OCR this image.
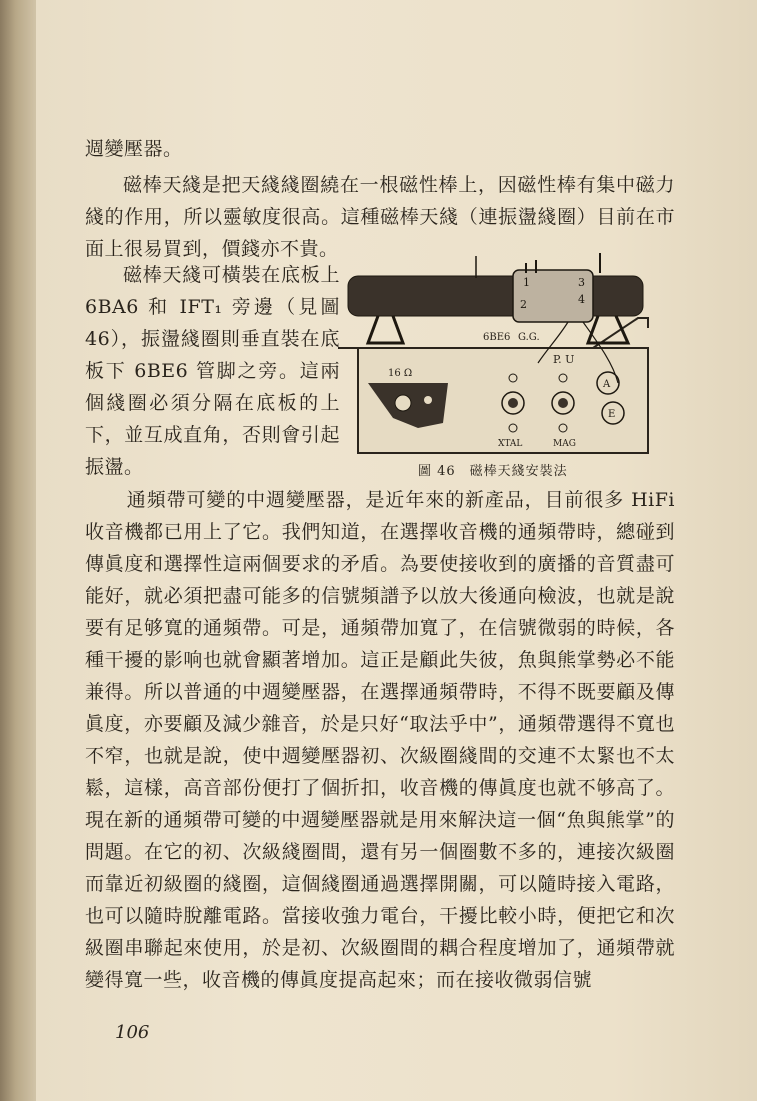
週變壓器。

磁棒天綫是把天綫綫圈繞在一根磁性棒上，因磁性棒有集中磁力綫的作用，所以靈敏度很高。這種磁棒天綫（連振盪綫圈）目前在市面上很易買到，價錢亦不貴。

磁棒天綫可橫裝在底板上 6BA6 和 IFT₁ 旁邊（見圖46），振盪綫圈則垂直裝在底板下 6BE6 管脚之旁。這兩個綫圈必須分隔在底板的上下，並互成直角，否則會引起振盪。

1
2
3
4
6BE6 G.G.
16 Ω
P. U
A
E
XTAL	MAG
圖 46　磁棒天綫安裝法

通頻帶可變的中週變壓器，是近年來的新產品，目前很多 HiFi 收音機都已用上了它。我們知道，在選擇收音機的通頻帶時，總碰到傳眞度和選擇性這兩個要求的矛盾。為要使接收到的廣播的音質盡可能好，就必須把盡可能多的信號頻譜予以放大後通向檢波，也就是說要有足够寬的通頻帶。可是，通頻帶加寬了，在信號微弱的時候，各種干擾的影响也就會顯著增加。這正是顧此失彼，魚與熊掌勢必不能兼得。所以普通的中週變壓器，在選擇通頻帶時，不得不既要顧及傳眞度，亦要顧及減少雜音，於是只好“取法乎中”，通頻帶選得不寬也不窄，也就是說，使中週變壓器初、次級圈綫間的交連不太緊也不太鬆，這樣，高音部份便打了個折扣，收音機的傳眞度也就不够高了。現在新的通頻帶可變的中週變壓器就是用來解決這一個“魚與熊掌”的問題。在它的初、次級綫圈間，還有另一個圈數不多的，連接次級圈而靠近初級圈的綫圈，這個綫圈通過選擇開關，可以隨時接入電路，也可以隨時脫離電路。當接收強力電台，干擾比較小時，便把它和次級圈串聯起來使用，於是初、次級圈間的耦合程度增加了，通頻帶就變得寬一些，收音機的傳眞度提高起來；而在接收微弱信號

106
